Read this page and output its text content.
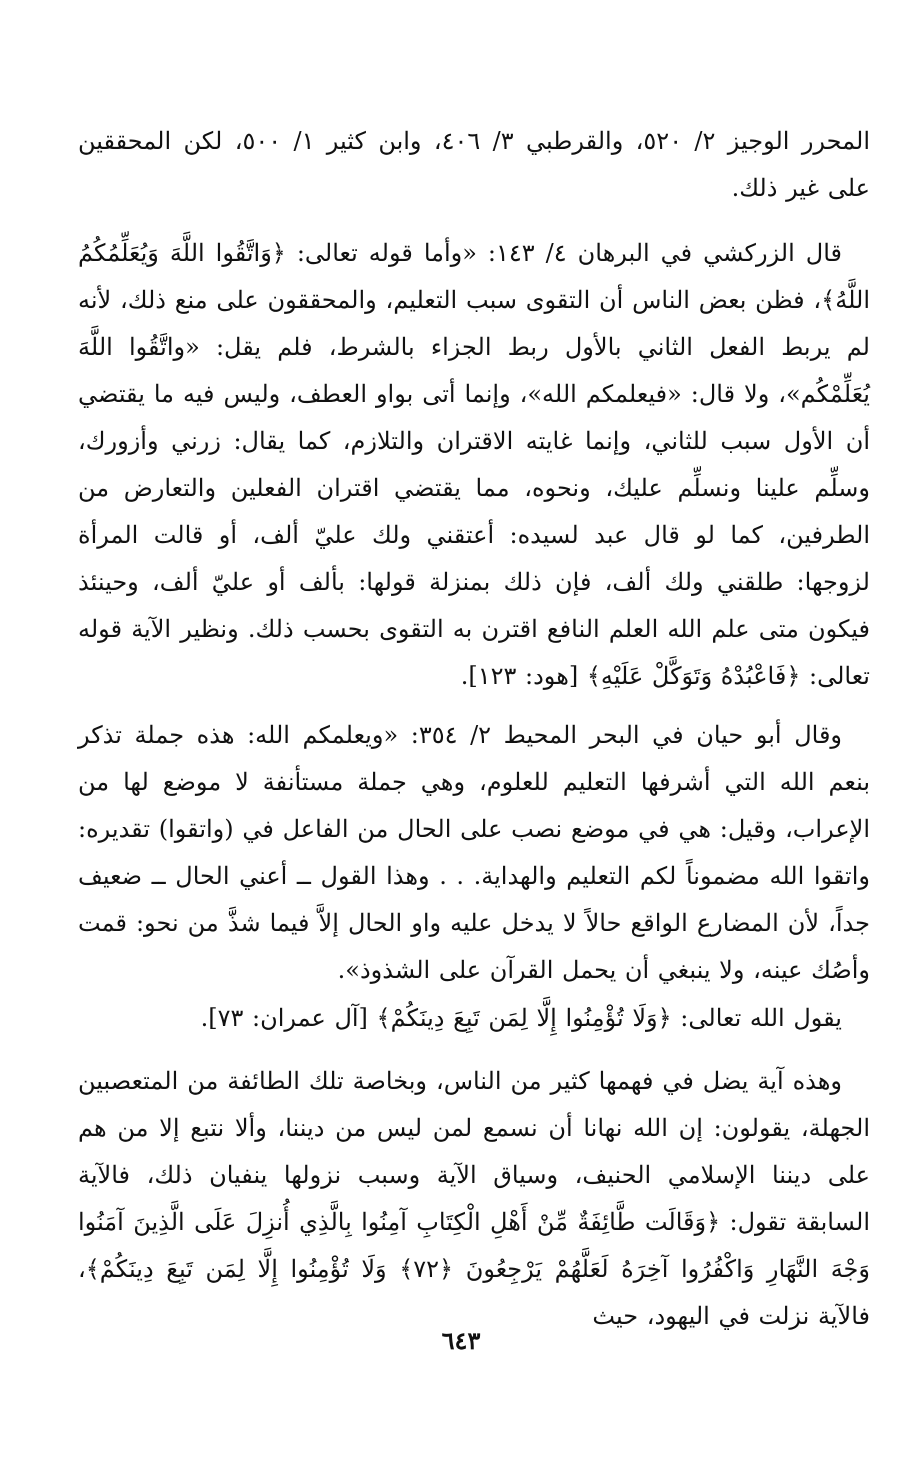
المحرر الوجيز ٢/ ٥٢٠، والقرطبي ٣/ ٤٠٦، وابن كثير ١/ ٥٠٠، لكن المحققين على غير ذلك.

قال الزركشي في البرهان ٤/ ١٤٣: «وأما قوله تعالى: ﴿وَاتَّقُوا اللَّهَ وَيُعَلِّمُكُمُ اللَّهُ﴾، فظن بعض الناس أن التقوى سبب التعليم، والمحققون على منع ذلك، لأنه لم يربط الفعل الثاني بالأول ربط الجزاء بالشرط، فلم يقل: «واتَّقُوا اللَّهَ يُعَلِّمْكُم»، ولا قال: «فيعلمكم الله»، وإنما أتى بواو العطف، وليس فيه ما يقتضي أن الأول سبب للثاني، وإنما غايته الاقتران والتلازم، كما يقال: زرني وأزورك، وسلِّم علينا ونسلِّم عليك، ونحوه، مما يقتضي اقتران الفعلين والتعارض من الطرفين، كما لو قال عبد لسيده: أعتقني ولك عليّ ألف، أو قالت المرأة لزوجها: طلقني ولك ألف، فإن ذلك بمنزلة قولها: بألف أو عليّ ألف، وحينئذ فيكون متى علم الله العلم النافع اقترن به التقوى بحسب ذلك. ونظير الآية قوله تعالى: ﴿فَاعْبُدْهُ وَتَوَكَّلْ عَلَيْهِ﴾ [هود: ١٢٣].

وقال أبو حيان في البحر المحيط ٢/ ٣٥٤: «ويعلمكم الله: هذه جملة تذكر بنعم الله التي أشرفها التعليم للعلوم، وهي جملة مستأنفة لا موضع لها من الإعراب، وقيل: هي في موضع نصب على الحال من الفاعل في (واتقوا) تقديره: واتقوا الله مضموناً لكم التعليم والهداية. . . وهذا القول ــ أعني الحال ــ ضعيف جداً، لأن المضارع الواقع حالاً لا يدخل عليه واو الحال إلاَّ فيما شذَّ من نحو: قمت وأصُك عينه، ولا ينبغي أن يحمل القرآن على الشذوذ».

يقول الله تعالى: ﴿وَلَا تُؤْمِنُوا إِلَّا لِمَن تَبِعَ دِينَكُمْ﴾ [آل عمران: ٧٣].

وهذه آية يضل في فهمها كثير من الناس، وبخاصة تلك الطائفة من المتعصبين الجهلة، يقولون: إن الله نهانا أن نسمع لمن ليس من ديننا، وألا نتبع إلا من هم على ديننا الإسلامي الحنيف، وسياق الآية وسبب نزولها ينفيان ذلك، فالآية السابقة تقول: ﴿وَقَالَت طَّائِفَةٌ مِّنْ أَهْلِ الْكِتَابِ آمِنُوا بِالَّذِي أُنزِلَ عَلَى الَّذِينَ آمَنُوا وَجْهَ النَّهَارِ وَاكْفُرُوا آخِرَهُ لَعَلَّهُمْ يَرْجِعُونَ ﴿٧٢﴾ وَلَا تُؤْمِنُوا إِلَّا لِمَن تَبِعَ دِينَكُمْ﴾، فالآية نزلت في اليهود، حيث

٦٤٣
